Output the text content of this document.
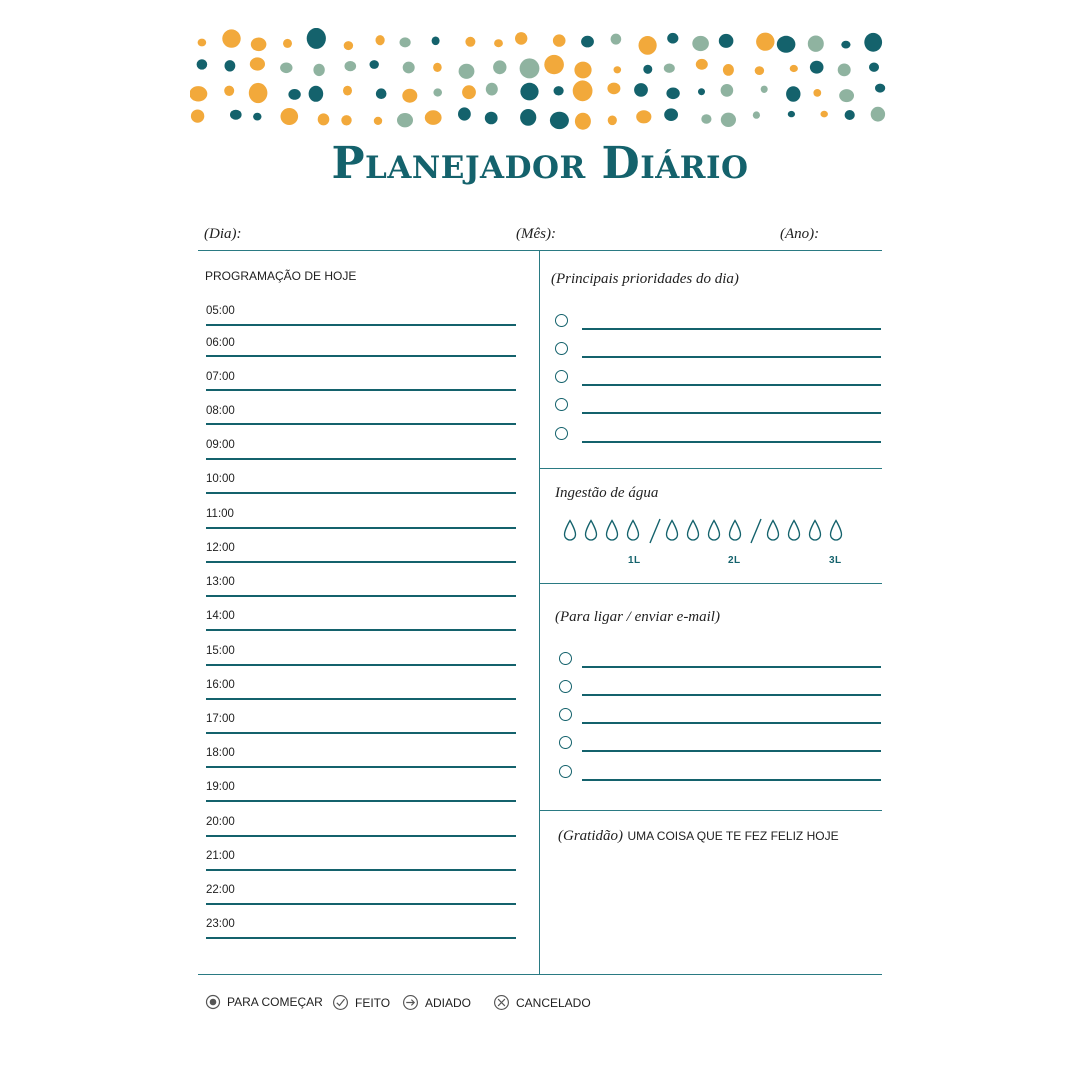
Planejador Diário
(Dia):	(Mês):	(Ano):
PROGRAMAÇÃO DE HOJE
05:00
06:00
07:00
08:00
09:00
10:00
11:00
12:00
13:00
14:00
15:00
16:00
17:00
18:00
19:00
20:00
21:00
22:00
23:00
(Principais prioridades do dia)
Ingestão de água
1L	2L	3L
(Para ligar / enviar e-mail)
(Gratidão) UMA COISA QUE TE FEZ FELIZ HOJE
PARA COMEÇAR	FEITO	ADIADO	CANCELADO
